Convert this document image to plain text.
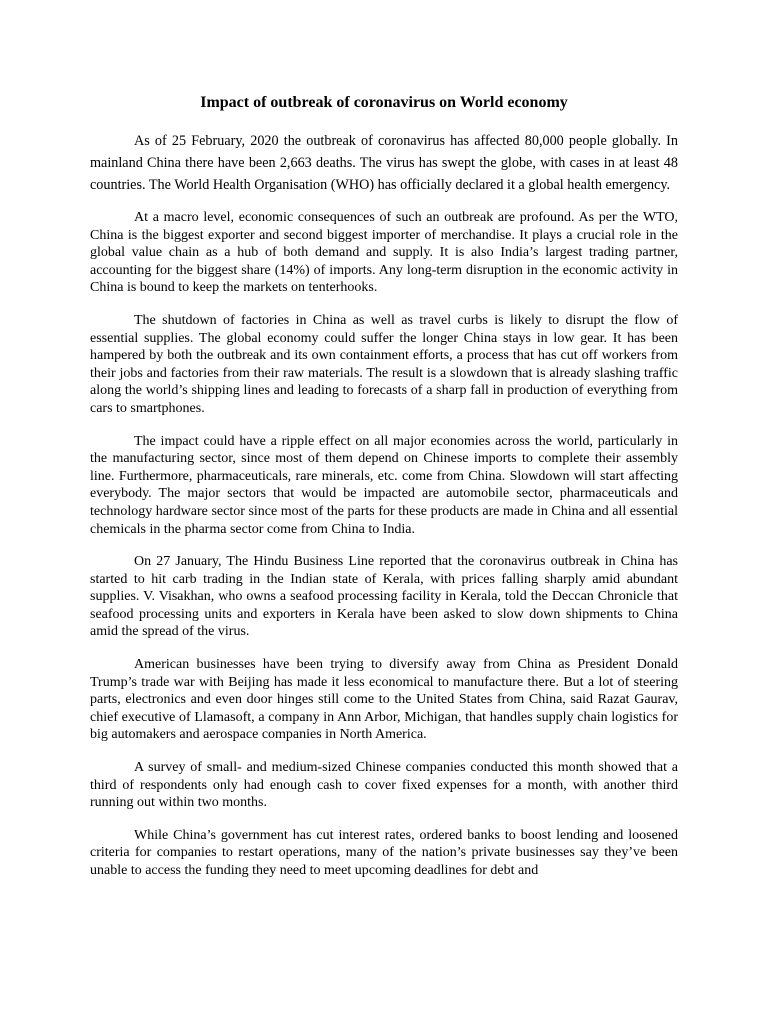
Impact of outbreak of coronavirus on World economy

As of 25 February, 2020 the outbreak of coronavirus has affected 80,000 people globally. In mainland China there have been 2,663 deaths. The virus has swept the globe, with cases in at least 48 countries. The World Health Organisation (WHO) has officially declared it a global health emergency.

At a macro level, economic consequences of such an outbreak are profound. As per the WTO, China is the biggest exporter and second biggest importer of merchandise. It plays a crucial role in the global value chain as a hub of both demand and supply. It is also India’s largest trading partner, accounting for the biggest share (14%) of imports. Any long-term disruption in the economic activity in China is bound to keep the markets on tenterhooks.

The shutdown of factories in China as well as travel curbs is likely to disrupt the flow of essential supplies. The global economy could suffer the longer China stays in low gear. It has been hampered by both the outbreak and its own containment efforts, a process that has cut off workers from their jobs and factories from their raw materials. The result is a slowdown that is already slashing traffic along the world’s shipping lines and leading to forecasts of a sharp fall in production of everything from cars to smartphones.

The impact could have a ripple effect on all major economies across the world, particularly in the manufacturing sector, since most of them depend on Chinese imports to complete their assembly line. Furthermore, pharmaceuticals, rare minerals, etc. come from China. Slowdown will start affecting everybody. The major sectors that would be impacted are automobile sector, pharmaceuticals and technology hardware sector since most of the parts for these products are made in China and all essential chemicals in the pharma sector come from China to India.

On 27 January, The Hindu Business Line reported that the coronavirus outbreak in China has started to hit carb trading in the Indian state of Kerala, with prices falling sharply amid abundant supplies. V. Visakhan, who owns a seafood processing facility in Kerala, told the Deccan Chronicle that seafood processing units and exporters in Kerala have been asked to slow down shipments to China amid the spread of the virus.

American businesses have been trying to diversify away from China as President Donald Trump’s trade war with Beijing has made it less economical to manufacture there. But a lot of steering parts, electronics and even door hinges still come to the United States from China, said Razat Gaurav, chief executive of Llamasoft, a company in Ann Arbor, Michigan, that handles supply chain logistics for big automakers and aerospace companies in North America.

A survey of small- and medium-sized Chinese companies conducted this month showed that a third of respondents only had enough cash to cover fixed expenses for a month, with another third running out within two months.

While China’s government has cut interest rates, ordered banks to boost lending and loosened criteria for companies to restart operations, many of the nation’s private businesses say they’ve been unable to access the funding they need to meet upcoming deadlines for debt and
